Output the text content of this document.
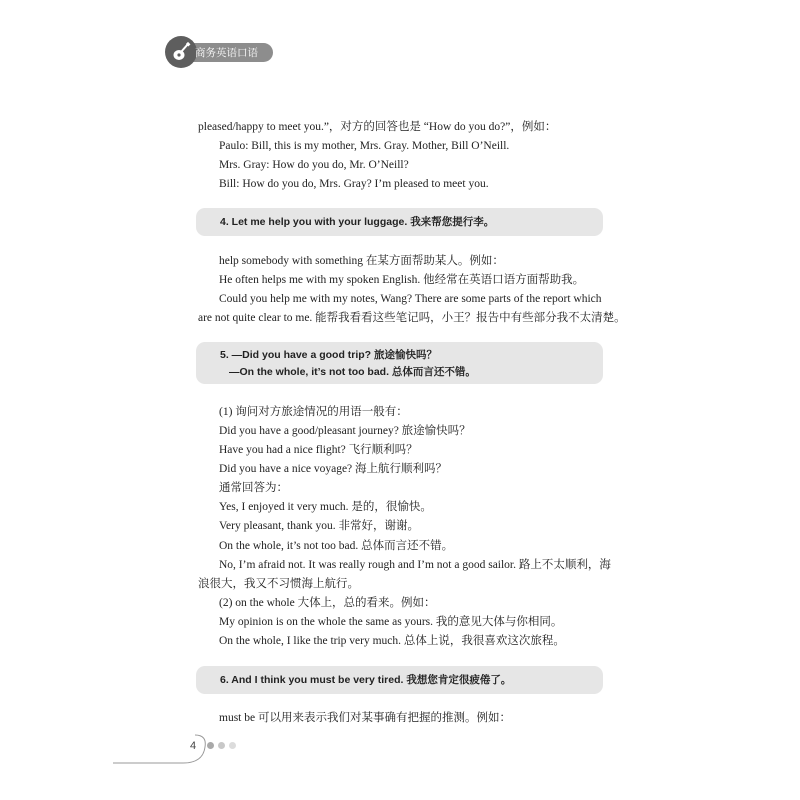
商务英语口语
pleased/happy to meet you.”，对方的回答也是 “How do you do?”，例如：
Paulo: Bill, this is my mother, Mrs. Gray. Mother, Bill O’Neill.
Mrs. Gray: How do you do, Mr. O’Neill?
Bill: How do you do, Mrs. Gray? I’m pleased to meet you.
4. Let me help you with your luggage. 我来帮您提行李。
help somebody with something 在某方面帮助某人。例如：
He often helps me with my spoken English. 他经常在英语口语方面帮助我。
Could you help me with my notes, Wang? There are some parts of the report which
are not quite clear to me. 能帮我看看这些笔记吗，小王？报告中有些部分我不太清楚。
5. —Did you have a good trip? 旅途愉快吗？
—On the whole, it’s not too bad. 总体而言还不错。
(1) 询问对方旅途情况的用语一般有：
Did you have a good/pleasant journey? 旅途愉快吗？
Have you had a nice flight? 飞行顺利吗？
Did you have a nice voyage? 海上航行顺利吗？
通常回答为：
Yes, I enjoyed it very much. 是的，很愉快。
Very pleasant, thank you. 非常好，谢谢。
On the whole, it’s not too bad. 总体而言还不错。
No, I’m afraid not. It was really rough and I’m not a good sailor. 路上不太顺利，海
浪很大，我又不习惯海上航行。
(2) on the whole 大体上，总的看来。例如：
My opinion is on the whole the same as yours. 我的意见大体与你相同。
On the whole, I like the trip very much. 总体上说，我很喜欢这次旅程。
6. And I think you must be very tired. 我想您肯定很疲倦了。
must be 可以用来表示我们对某事确有把握的推测。例如：
4
